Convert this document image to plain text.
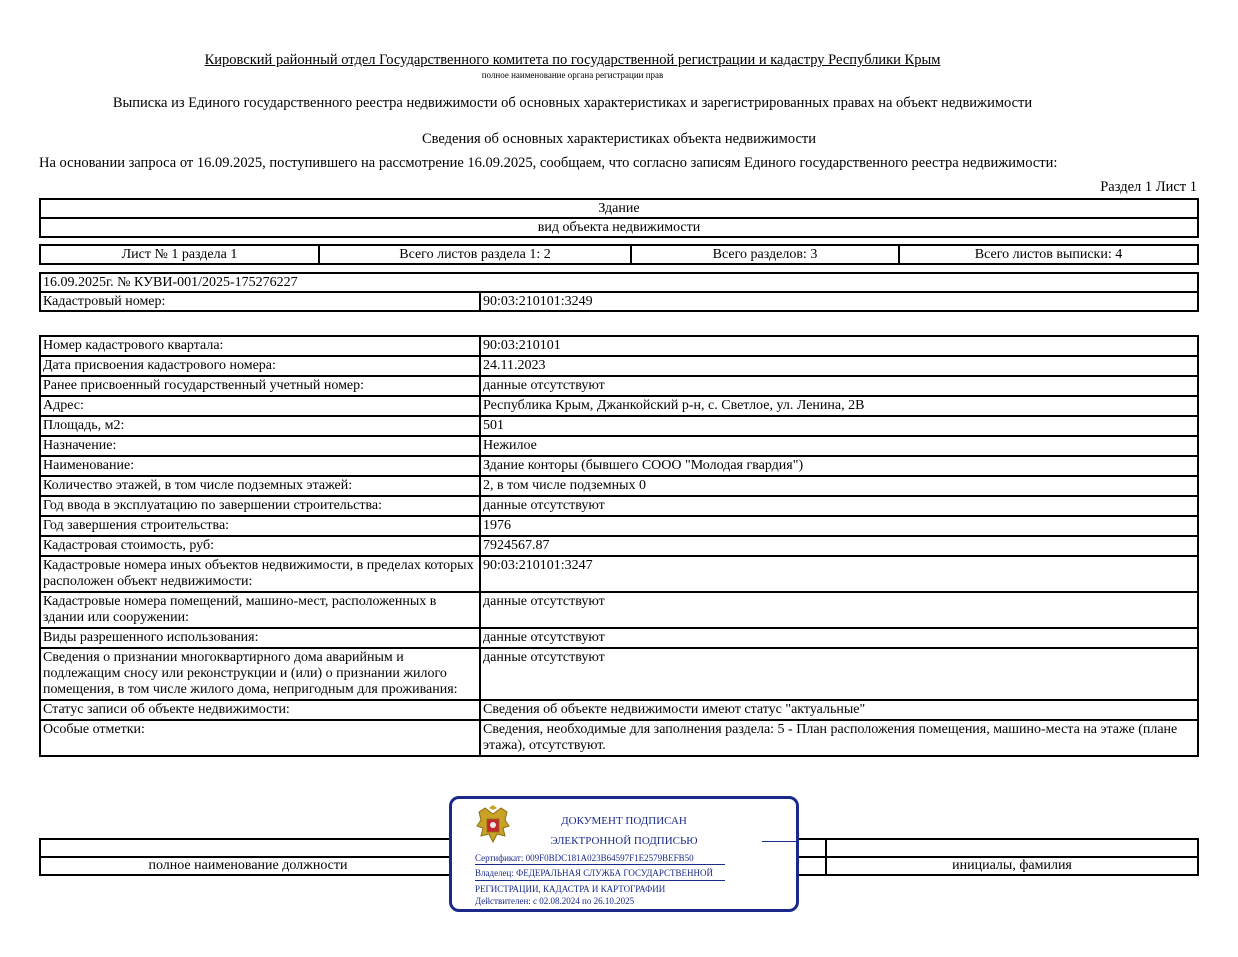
Кировский районный отдел Государственного комитета по государственной регистрации и кадастру Республики Крым
полное наименование органа регистрации прав
Выписка из Единого государственного реестра недвижимости об основных характеристиках и зарегистрированных правах на объект недвижимости
Сведения об основных характеристиках объекта недвижимости
На основании запроса от 16.09.2025, поступившего на рассмотрение 16.09.2025, сообщаем, что согласно записям Единого государственного реестра недвижимости:
Раздел 1 Лист 1
Здание
вид объекта недвижимости
Лист № 1 раздела 1	Всего листов раздела 1: 2	Всего разделов: 3	Всего листов выписки: 4
16.09.2025г. № КУВИ-001/2025-175276227
Кадастровый номер:	90:03:210101:3249
Номер кадастрового квартала:	90:03:210101
Дата присвоения кадастрового номера:	24.11.2023
Ранее присвоенный государственный учетный номер:	данные отсутствуют
Адрес:	Республика Крым, Джанкойский р-н, с. Светлое, ул. Ленина, 2В
Площадь, м2:	501
Назначение:	Нежилое
Наименование:	Здание конторы (бывшего СООО "Молодая гвардия")
Количество этажей, в том числе подземных этажей:	2, в том числе подземных 0
Год ввода в эксплуатацию по завершении строительства:	данные отсутствуют
Год завершения строительства:	1976
Кадастровая стоимость, руб:	7924567.87
Кадастровые номера иных объектов недвижимости, в пределах которых расположен объект недвижимости:	90:03:210101:3247
Кадастровые номера помещений, машино-мест, расположенных в здании или сооружении:	данные отсутствуют
Виды разрешенного использования:	данные отсутствуют
Сведения о признании многоквартирного дома аварийным и подлежащим сносу или реконструкции и (или) о признании жилого помещения, в том числе жилого дома, непригодным для проживания:	данные отсутствуют
Статус записи об объекте недвижимости:	Сведения об объекте недвижимости имеют статус "актуальные"
Особые отметки:	Сведения, необходимые для заполнения раздела: 5 - План расположения помещения, машино-места на этаже (плане этажа), отсутствуют.

полное наименование должности		инициалы, фамилия
ДОКУМЕНТ ПОДПИСАН
ЭЛЕКТРОННОЙ ПОДПИСЬЮ
Сертификат: 009F0BDC181A023B64597F1E2579BEFB50
Владелец: ФЕДЕРАЛЬНАЯ СЛУЖБА ГОСУДАРСТВЕННОЙ
РЕГИСТРАЦИИ, КАДАСТРА И КАРТОГРАФИИ
Действителен: с 02.08.2024 по 26.10.2025
